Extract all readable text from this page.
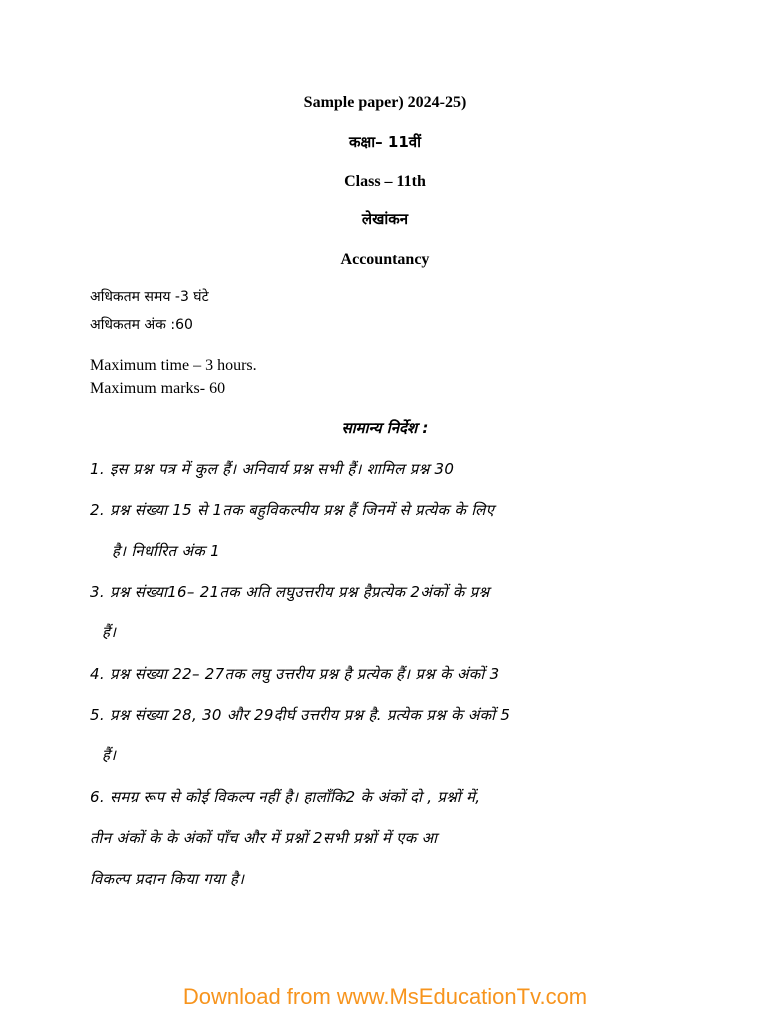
Sample paper) 2024-25)
कक्षा– 11वीं
Class – 11th
लेखांकन
Accountancy
अधिकतम समय -3 घंटे
अधिकतम अंक :60
Maximum time – 3 hours.
Maximum marks- 60
सामान्य निर्देश :
1. इस प्रश्न पत्र में कुल हैं। अनिवार्य प्रश्न सभी हैं। शामिल प्रश्न 30
2. प्रश्न संख्या 15 से 1तक बहुविकल्पीय प्रश्न हैं जिनमें से प्रत्येक के लिए
है। निर्धारित अंक 1
3. प्रश्न संख्या16– 21तक अति लघुउत्तरीय प्रश्न हैप्रत्येक 2अंकों के प्रश्न
हैं।
4. प्रश्न संख्या 22– 27तक लघु उत्तरीय प्रश्न है प्रत्येक हैं। प्रश्न के अंकों 3
5. प्रश्न संख्या 28, 30 और 29दीर्घ उत्तरीय प्रश्न है. प्रत्येक प्रश्न के अंकों 5
हैं।
6. समग्र रूप से कोई विकल्प नहीं है। हालाँकि2 के अंकों दो , प्रश्नों में,
तीन अंकों के के अंकों पाँच और में प्रश्नों 2सभी प्रश्नों में एक आ
विकल्प प्रदान किया गया है।
Download from www.MsEducationTv.com
